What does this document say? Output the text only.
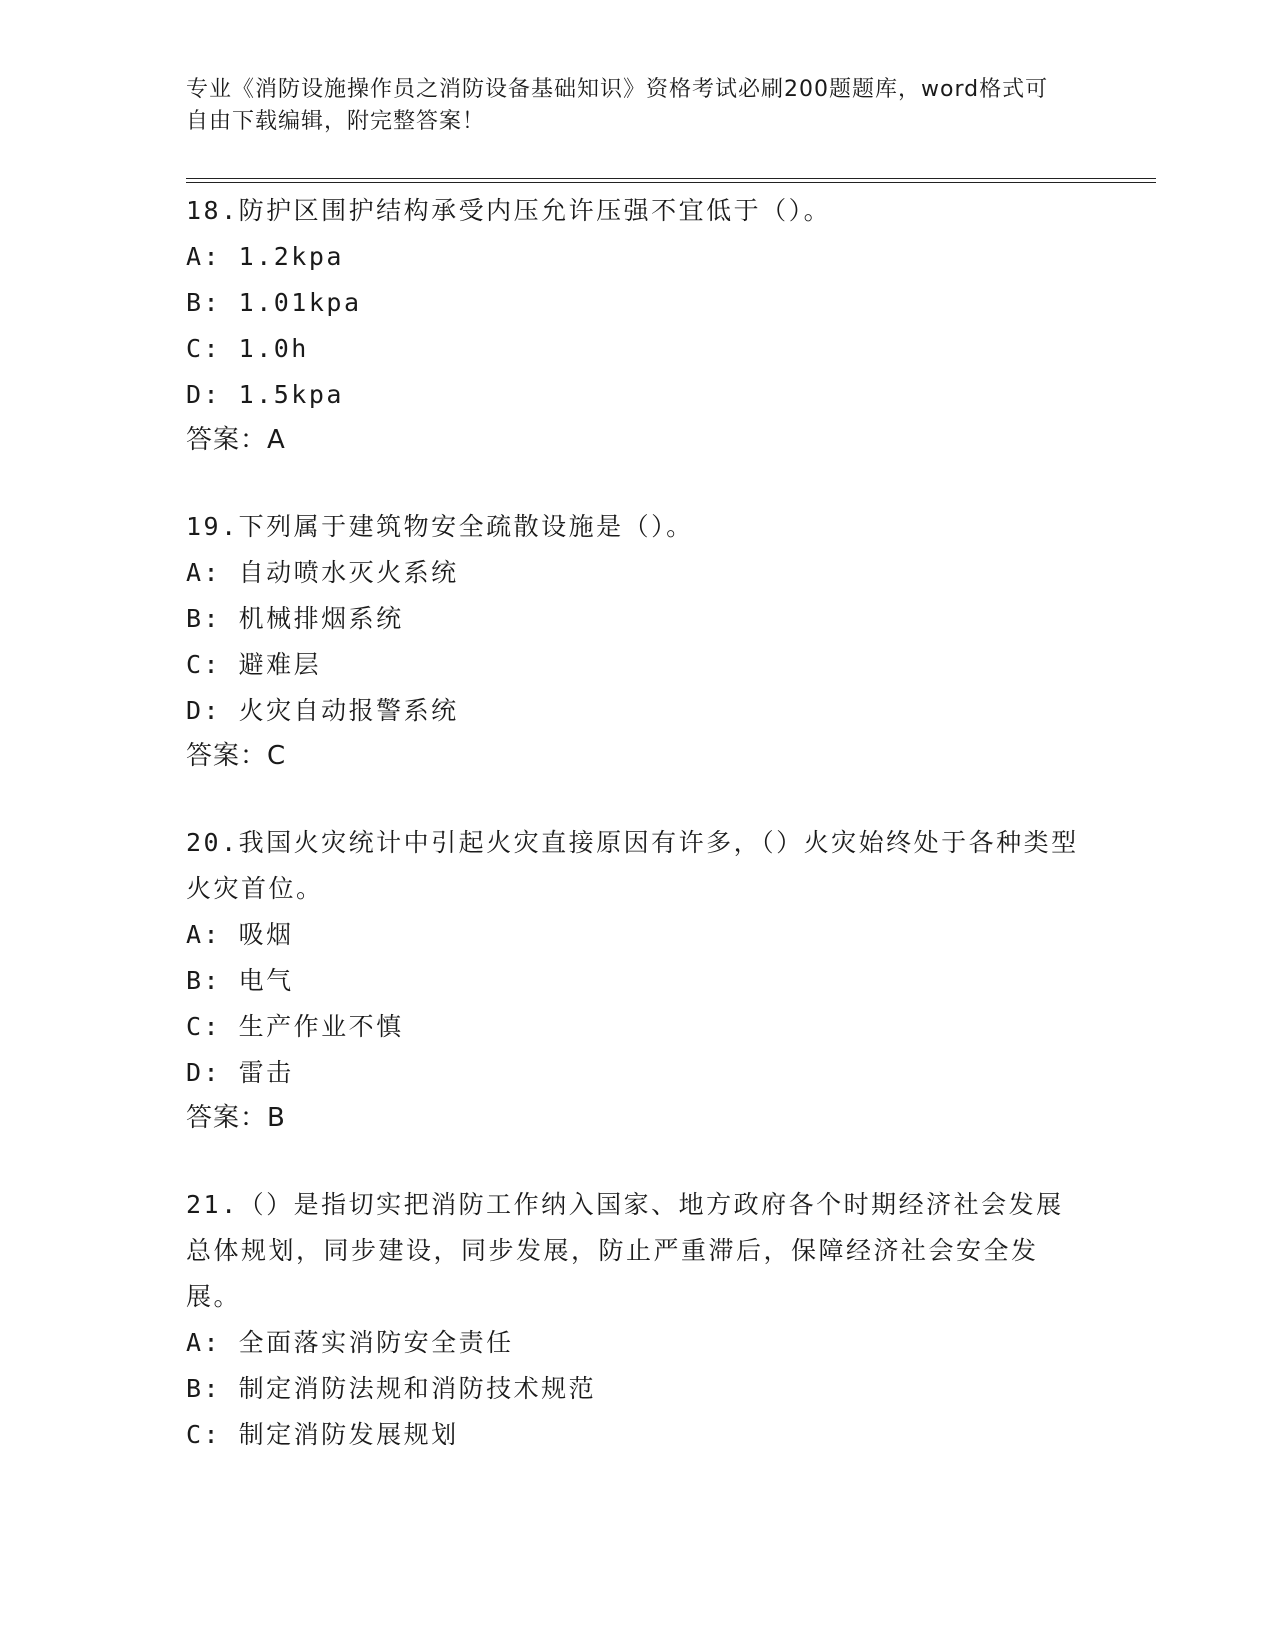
专业《消防设施操作员之消防设备基础知识》资格考试必刷200题题库，word格式可自由下载编辑，附完整答案！
18.防护区围护结构承受内压允许压强不宜低于（）。
A: 1.2kpa
B: 1.01kpa
C: 1.0h
D: 1.5kpa
答案：A
19.下列属于建筑物安全疏散设施是（）。
A: 自动喷水灭火系统
B: 机械排烟系统
C: 避难层
D: 火灾自动报警系统
答案：C
20.我国火灾统计中引起火灾直接原因有许多，（）火灾始终处于各种类型火灾首位。
A: 吸烟
B: 电气
C: 生产作业不慎
D: 雷击
答案：B
21.（）是指切实把消防工作纳入国家、地方政府各个时期经济社会发展总体规划，同步建设，同步发展，防止严重滞后，保障经济社会安全发展。
A: 全面落实消防安全责任
B: 制定消防法规和消防技术规范
C: 制定消防发展规划
